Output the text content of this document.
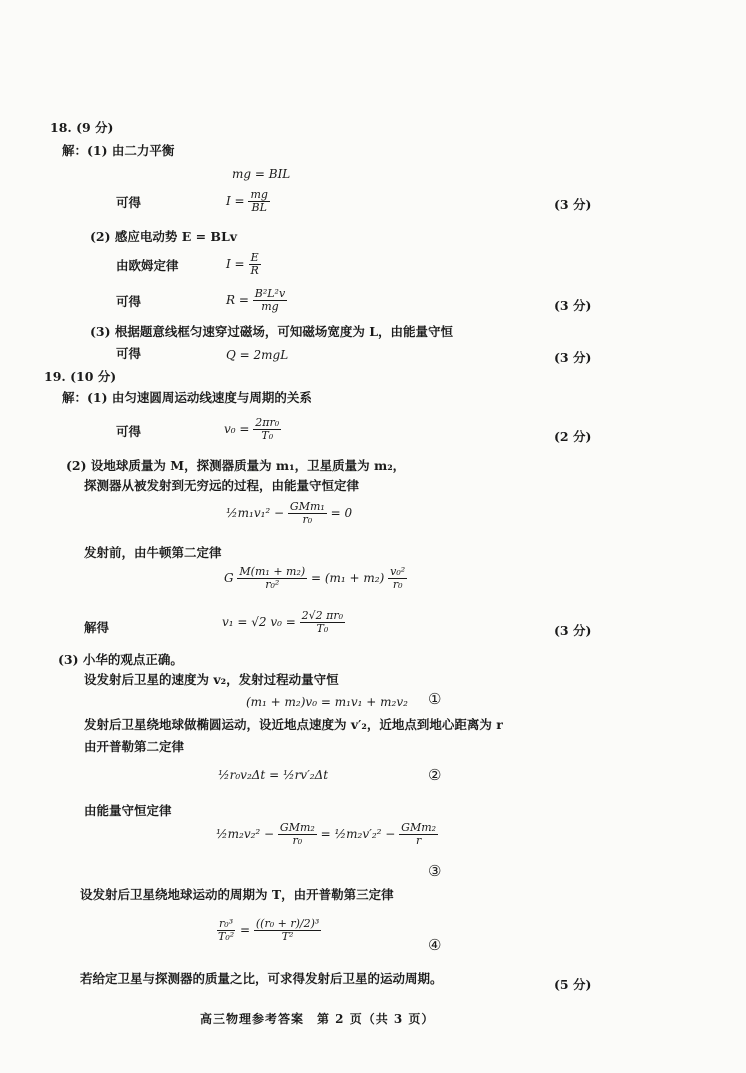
18. (9 分)
解：(1) 由二力平衡
mg = BIL
可得	$I = \frac{mg}{BL}$	(3 分)
(2) 感应电动势 E = BLv
由欧姆定律	$I = \frac{E}{R}$
可得	$R = \frac{\text{B²L²v}}{mg}$	(3 分)
(3) 根据题意线框匀速穿过磁场，可知磁场宽度为 L，由能量守恒
可得	Q = 2mgL	(3 分)
19. (10 分)
解：(1) 由匀速圆周运动线速度与周期的关系
可得	$v_0 = \frac{\text{2πr₀}}{\text{T₀}}$	(2 分)
(2) 设地球质量为 M，探测器质量为 m₁，卫星质量为 m₂，
探测器从被发射到无穷远的过程，由能量守恒定律
½m₁v₁² − GMm₁
r₀ = 0
发射前，由牛顿第二定律
G $\frac{\text{M(m₁ + m₂)}}{\text{r₀²}} = (m_1 + m_2) \frac{\text{v₀²}}{\text{r₀}}$
解得	v₁ = √2 $v_0 = \frac{\text{2√2 πr₀}}{\text{T₀}}$	(3 分)
(3) 小华的观点正确。
设发射后卫星的速度为 v₂，发射过程动量守恒
(m₁ + m₂)v₀ = m₁v₁ + m₂v₂ ①
发射后卫星绕地球做椭圆运动，设近地点速度为 v′₂，近地点到地心距离为 r
由开普勒第二定律
½r₀v₂Δt = ½rv′₂Δt	②
由能量守恒定律
½m₂v₂² − GMm₂
r₀ = ½m₂v′₂² − GMm₂
r
③
设发射后卫星绕地球运动的周期为 T，由开普勒第三定律
$\frac{\text{r₀³}}{\text{T₀²}} = \frac{\text{((r₀ + r)/2)³}}{\text{T²}}$
④
若给定卫星与探测器的质量之比，可求得发射后卫星的运动周期。	(5 分)
高三物理参考答案　第 2 页（共 3 页）
